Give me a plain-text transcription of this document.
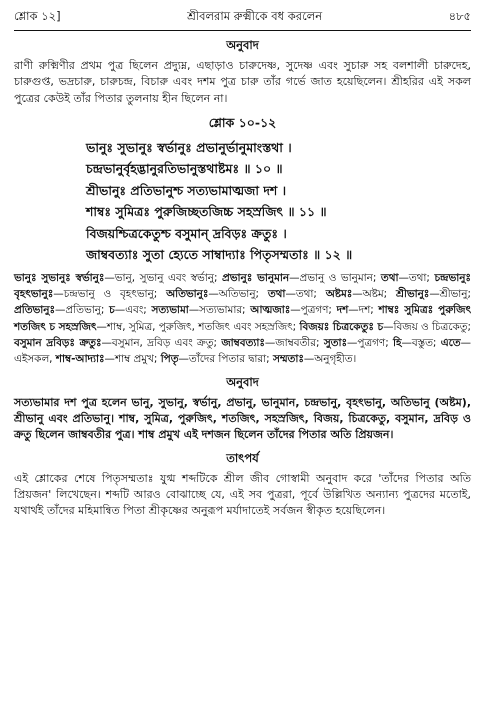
শ্লোক ১২]	শ্রীবলরাম রুক্মীকে বধ করলেন	৪৮৫
অনুবাদ

রাণী রুক্মিণীর প্রথম পুত্র ছিলেন প্রদ্যুম্ন, এছাড়াও চারুদেষ্ণ, সুদেষ্ণ এবং সুচারু সহ বলশালী চারুদেহ, চারুগুপ্ত, ভদ্রচারু, চারুচন্দ্র, বিচারু এবং দশম পুত্র চারু তাঁর গর্ভে জাত হয়েছিলেন। শ্রীহরির এই সকল পুত্রের কেউই তাঁর পিতার তুলনায় হীন ছিলেন না।

শ্লোক ১০-১২
ভানুঃ সুভানুঃ স্বর্ভানুঃ প্রভানুর্ভানুমাংস্তথা ।
চন্দ্রভানুর্বৃহদ্ভানুরতিভানুস্তথাষ্টমঃ ॥ ১০ ॥
শ্রীভানুঃ প্রতিভানুশ্চ সত্যভামাত্মজা দশ ।
শাম্বঃ সুমিত্রঃ পুরুজিচ্ছতজিচ্চ সহস্রজিৎ ॥ ১১ ॥
বিজয়শ্চিত্রকেতুশ্চ বসুমান্ দ্রবিড়ঃ ক্রতুঃ ।
জাম্ববত্যাঃ সুতা হ্যেতে সাম্বাদ্যাঃ পিতৃসম্মতাঃ ॥ ১২ ॥

ভানুঃ সুভানুঃ স্বর্ভানুঃ—ভানু, সুভানু এবং স্বর্ভানু; প্রভানুঃ ভানুমান—প্রভানু ও ভানুমান; তথা—তথা; চন্দ্রভানুঃ বৃহৎভানুঃ—চন্দ্রভানু ও বৃহৎভানু; অতিভানুঃ—অতিভানু; তথা—তথা; অষ্টমঃ—অষ্টম; শ্রীভানুঃ—শ্রীভানু; প্রতিভানুঃ—প্রতিভানু; চ—এবং; সত্যভামা—সত্যভামার; আত্মজাঃ—পুত্রগণ; দশ—দশ; শাম্বঃ সুমিত্রঃ পুরুজিৎ শতজিৎ চ সহস্রজিৎ—শাম্ব, সুমিত্র, পুরুজিৎ, শতজিৎ এবং সহস্রজিৎ; বিজয়ঃ চিত্রকেতুঃ চ—বিজয় ও চিত্রকেতু; বসুমান দ্রবিড়ঃ ক্রতুঃ—বসুমান, দ্রবিড় এবং ক্রতু; জাম্ববত্যাঃ—জাম্ববতীর; সুতাঃ—পুত্রগণ; হি—বস্তুত; এতে—এইসকল, শাম্ব-আদ্যাঃ—শাম্ব প্রমুখ; পিতৃ—তাঁদের পিতার দ্বারা; সম্মতাঃ—অনুগৃহীত।

অনুবাদ

সত্যভামার দশ পুত্র হলেন ভানু, সুভানু, স্বর্ভানু, প্রভানু, ভানুমান, চন্দ্রভানু, বৃহৎভানু, অতিভানু (অষ্টম), শ্রীভানু এবং প্রতিভানু। শাম্ব, সুমিত্র, পুরুজিৎ, শতজিৎ, সহস্রজিৎ, বিজয়, চিত্রকেতু, বসুমান, দ্রবিড় ও ক্রতু ছিলেন জাম্ববতীর পুত্র। শাম্ব প্রমুখ এই দশজন ছিলেন তাঁদের পিতার অতি প্রিয়জন।

তাৎপর্য

এই শ্লোকের শেষে পিতৃসম্মতাঃ যুগ্ম শব্দটিকে শ্রীল জীব গোস্বামী অনুবাদ করে 'তাঁদের পিতার অতি প্রিয়জন' লিখেছেন। শব্দটি আরও বোঝাচ্ছে যে, এই সব পুত্ররা, পূর্বে উল্লিখিত অন্যান্য পুত্রদের মতোই, যথার্থই তাঁদের মহিমান্বিত পিতা শ্রীকৃষ্ণের অনুরূপ মর্যাদাতেই সর্বজন স্বীকৃত হয়েছিলেন।
